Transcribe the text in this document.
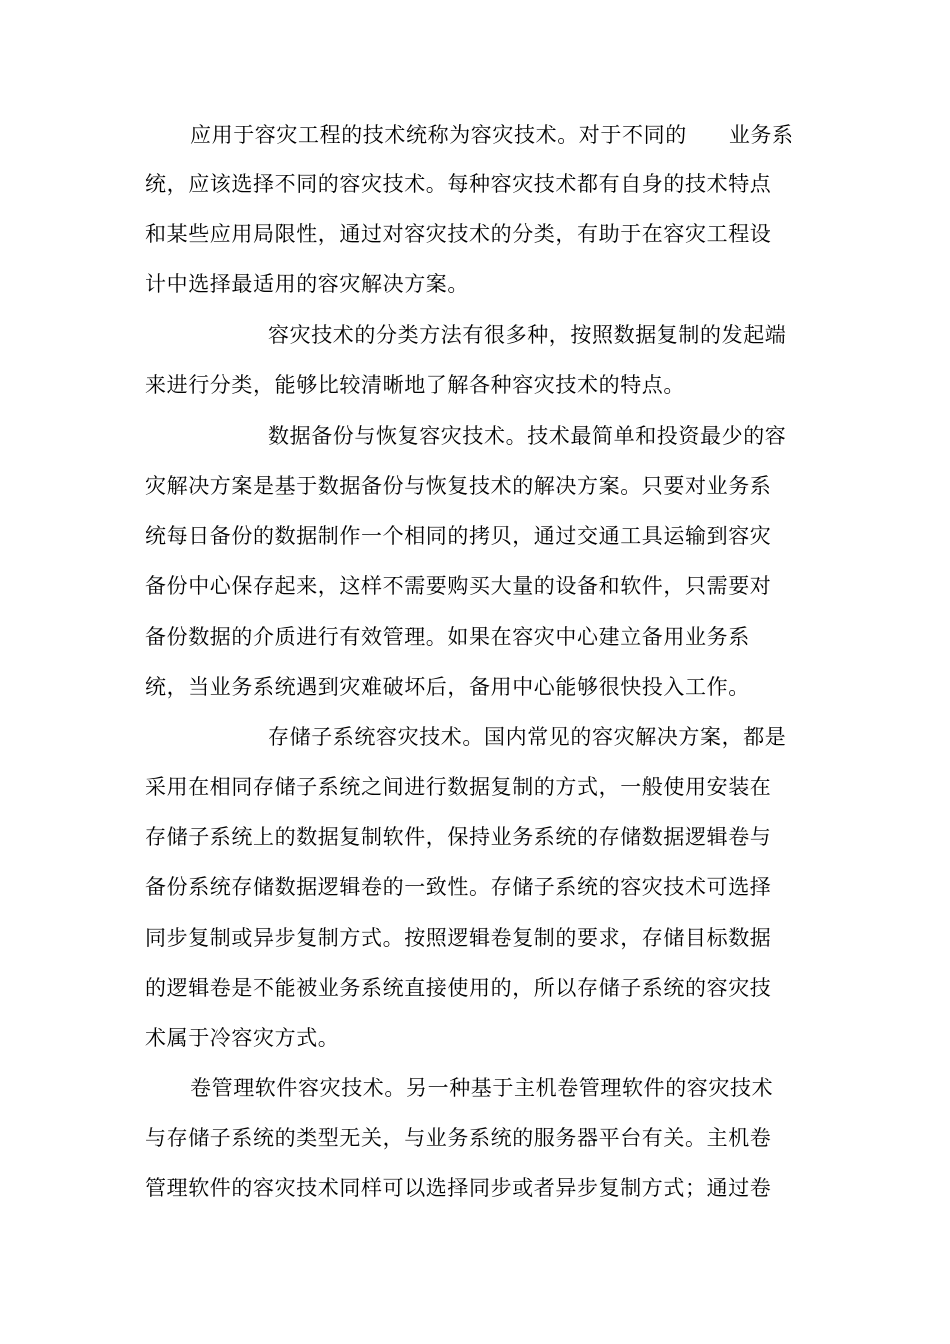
应用于容灾工程的技术统称为容灾技术。对于不同的 业务系
统，应该选择不同的容灾技术。每种容灾技术都有自身的技术特点
和某些应用局限性，通过对容灾技术的分类，有助于在容灾工程设
计中选择最适用的容灾解决方案。
容灾技术的分类方法有很多种，按照数据复制的发起端
来进行分类，能够比较清晰地了解各种容灾技术的特点。
数据备份与恢复容灾技术。技术最简单和投资最少的容
灾解决方案是基于数据备份与恢复技术的解决方案。只要对业务系
统每日备份的数据制作一个相同的拷贝，通过交通工具运输到容灾
备份中心保存起来，这样不需要购买大量的设备和软件，只需要对
备份数据的介质进行有效管理。如果在容灾中心建立备用业务系
统，当业务系统遇到灾难破坏后，备用中心能够很快投入工作。
存储子系统容灾技术。国内常见的容灾解决方案，都是
采用在相同存储子系统之间进行数据复制的方式，一般使用安装在
存储子系统上的数据复制软件，保持业务系统的存储数据逻辑卷与
备份系统存储数据逻辑卷的一致性。存储子系统的容灾技术可选择
同步复制或异步复制方式。按照逻辑卷复制的要求，存储目标数据
的逻辑卷是不能被业务系统直接使用的，所以存储子系统的容灾技
术属于冷容灾方式。
卷管理软件容灾技术。另一种基于主机卷管理软件的容灾技术
与存储子系统的类型无关，与业务系统的服务器平台有关。主机卷
管理软件的容灾技术同样可以选择同步或者异步复制方式；通过卷
